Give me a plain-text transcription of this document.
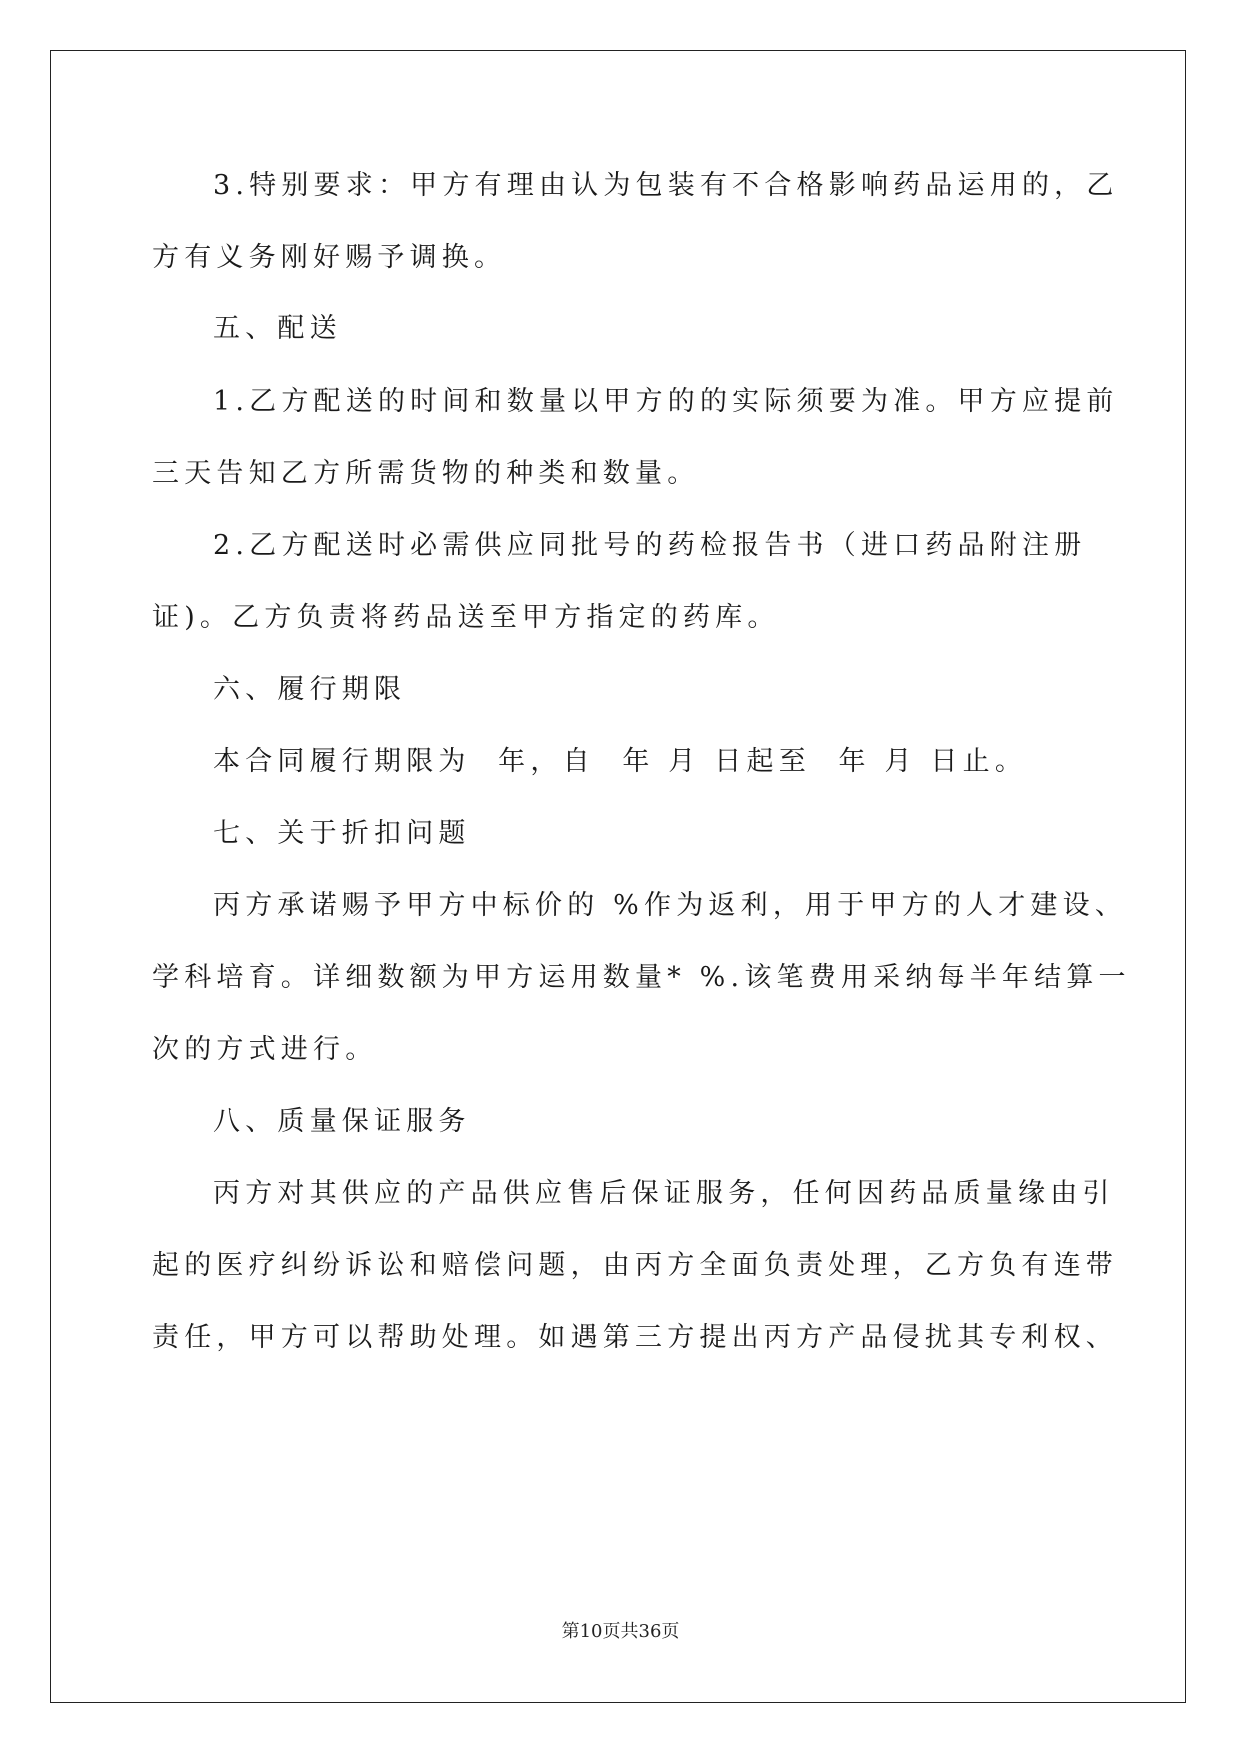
3.特别要求：甲方有理由认为包装有不合格影响药品运用的，乙
方有义务刚好赐予调换。
五、配送
1.乙方配送的时间和数量以甲方的的实际须要为准。甲方应提前
三天告知乙方所需货物的种类和数量。
2.乙方配送时必需供应同批号的药检报告书（进口药品附注册
证)。乙方负责将药品送至甲方指定的药库。
六、履行期限
本合同履行期限为  年，自  年 月 日起至  年 月 日止。
七、关于折扣问题
丙方承诺赐予甲方中标价的 %作为返利，用于甲方的人才建设、
学科培育。详细数额为甲方运用数量* %.该笔费用采纳每半年结算一
次的方式进行。
八、质量保证服务
丙方对其供应的产品供应售后保证服务，任何因药品质量缘由引
起的医疗纠纷诉讼和赔偿问题，由丙方全面负责处理，乙方负有连带
责任，甲方可以帮助处理。如遇第三方提出丙方产品侵扰其专利权、
第10页共36页
